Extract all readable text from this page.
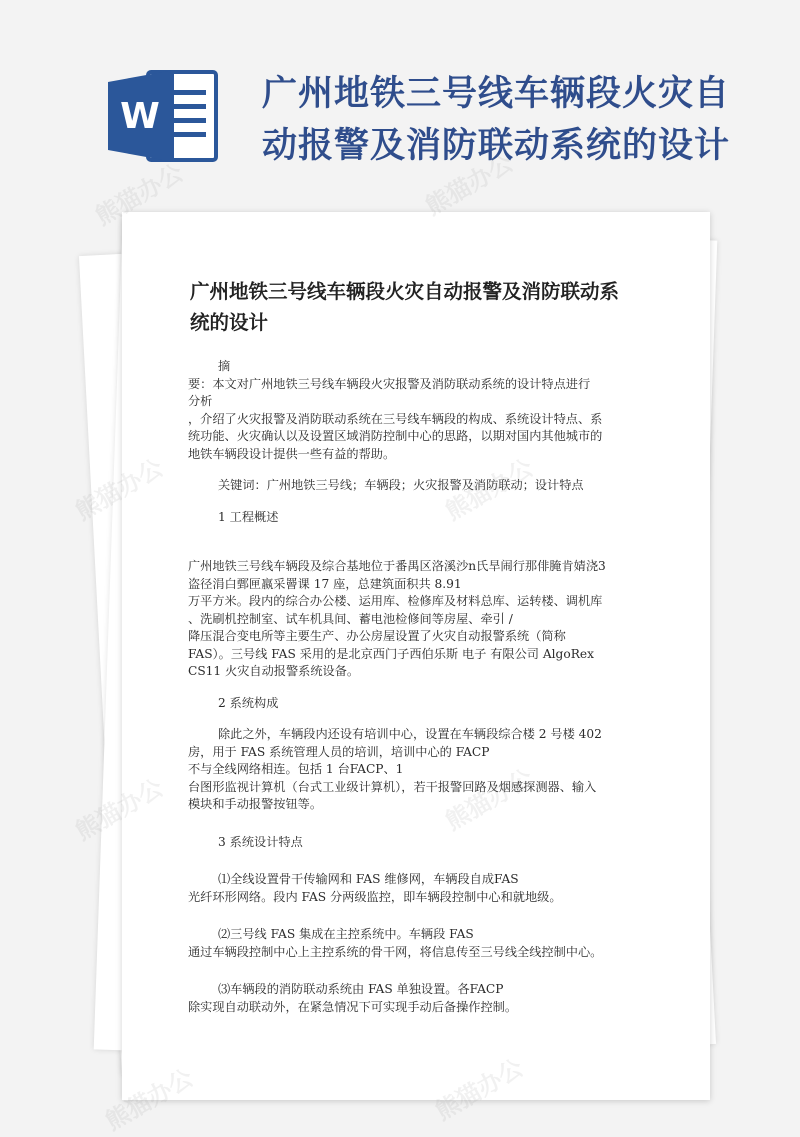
W
广州地铁三号线车辆段火灾自
动报警及消防联动系统的设计
广州地铁三号线车辆段火灾自动报警及消防联动系
统的设计

摘

要：本文对广州地铁三号线车辆段火灾报警及消防联动系统的设计特点进行

分析

，介绍了火灾报警及消防联动系统在三号线车辆段的构成、系统设计特点、系

统功能、火灾确认以及设置区域消防控制中心的思路，以期对国内其他城市的

地铁车辆段设计提供一些有益的帮助。

关键词：广州地铁三号线；车辆段；火灾报警及消防联动；设计特点

1 工程概述

广州地铁三号线车辆段及综合基地位于番禺区洛溪沙n氏旱闹行那俳腌肯婧浇3

盗径涓白鄄匣嬴采罾课 17 座，总建筑面积共 8.91

万平方米。段内的综合办公楼、运用库、检修库及材料总库、运转楼、调机库

、洗刷机控制室、试车机具间、蓄电池检修间等房屋、牵引 /

降压混合变电所等主要生产、办公房屋设置了火灾自动报警系统（简称

FAS）。三号线 FAS 采用的是北京西门子西伯乐斯 电子 有限公司 AlgoRex

CS11 火灾自动报警系统设备。

2 系统构成

除此之外，车辆段内还设有培训中心，设置在车辆段综合楼 2 号楼 402

房，用于 FAS 系统管理人员的培训，培训中心的 FACP

不与全线网络相连。包括 1 台FACP、1

台图形监视计算机（台式工业级计算机），若干报警回路及烟感探测器、输入

模块和手动报警按钮等。

3 系统设计特点

⑴全线设置骨干传输网和 FAS 维修网，车辆段自成FAS

光纤环形网络。段内 FAS 分两级监控，即车辆段控制中心和就地级。

⑵三号线 FAS 集成在主控系统中。车辆段 FAS

通过车辆段控制中心上主控系统的骨干网，将信息传至三号线全线控制中心。

⑶车辆段的消防联动系统由 FAS 单独设置。各FACP

除实现自动联动外，在紧急情况下可实现手动后备操作控制。

熊猫办公	熊猫办公
